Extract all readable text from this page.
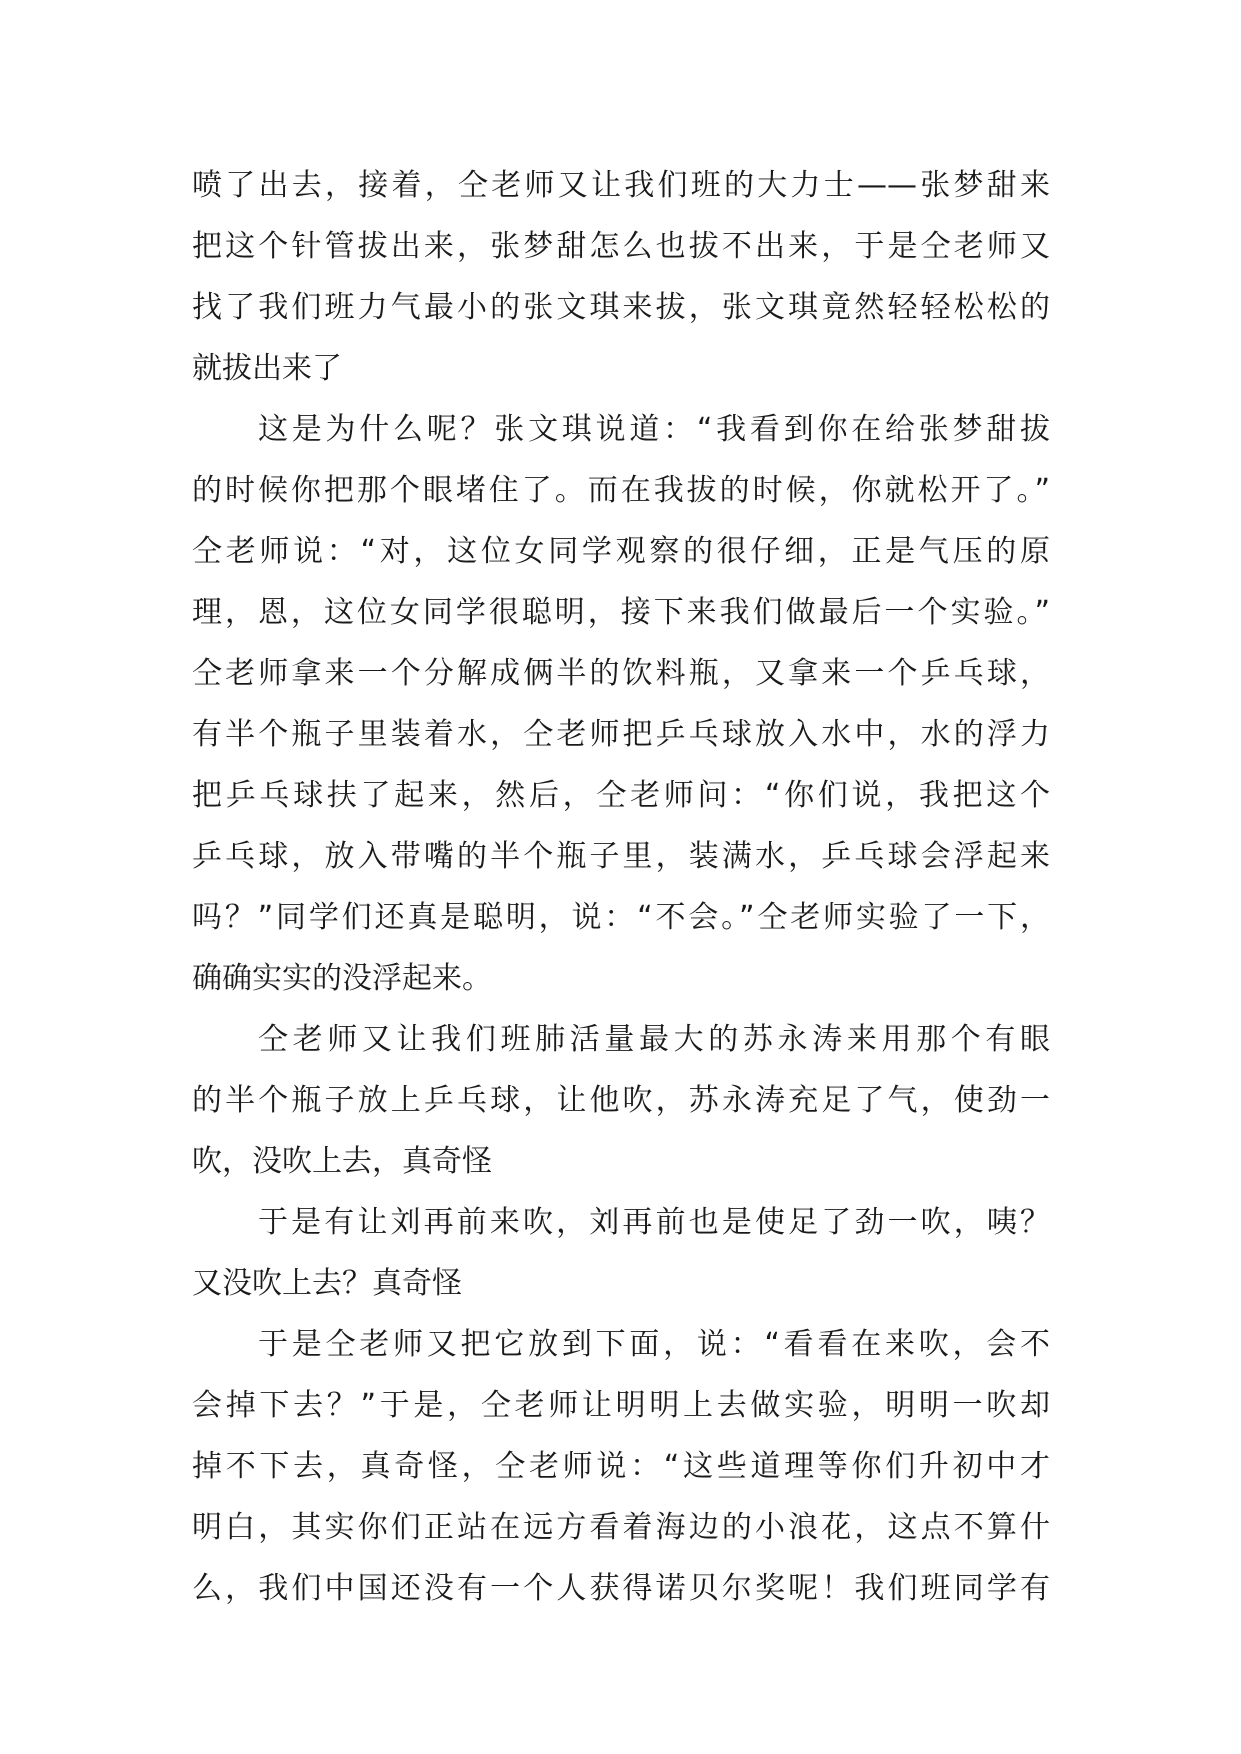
喷了出去，接着，仝老师又让我们班的大力士——张梦甜来
把这个针管拔出来，张梦甜怎么也拔不出来，于是仝老师又
找了我们班力气最小的张文琪来拔，张文琪竟然轻轻松松的
就拔出来了
这是为什么呢？张文琪说道：“我看到你在给张梦甜拔
的时候你把那个眼堵住了。而在我拔的时候，你就松开了。”
仝老师说：“对，这位女同学观察的很仔细，正是气压的原
理，恩，这位女同学很聪明，接下来我们做最后一个实验。”
仝老师拿来一个分解成俩半的饮料瓶，又拿来一个乒乓球，
有半个瓶子里装着水，仝老师把乒乓球放入水中，水的浮力
把乒乓球扶了起来，然后，仝老师问：“你们说，我把这个
乒乓球，放入带嘴的半个瓶子里，装满水，乒乓球会浮起来
吗？”同学们还真是聪明，说：“不会。”仝老师实验了一下，
确确实实的没浮起来。
仝老师又让我们班肺活量最大的苏永涛来用那个有眼
的半个瓶子放上乒乓球，让他吹，苏永涛充足了气，使劲一
吹，没吹上去，真奇怪
于是有让刘再前来吹，刘再前也是使足了劲一吹，咦？
又没吹上去？真奇怪
于是仝老师又把它放到下面，说：“看看在来吹，会不
会掉下去？”于是，仝老师让明明上去做实验，明明一吹却
掉不下去，真奇怪，仝老师说：“这些道理等你们升初中才
明白，其实你们正站在远方看着海边的小浪花，这点不算什
么，我们中国还没有一个人获得诺贝尔奖呢！我们班同学有
